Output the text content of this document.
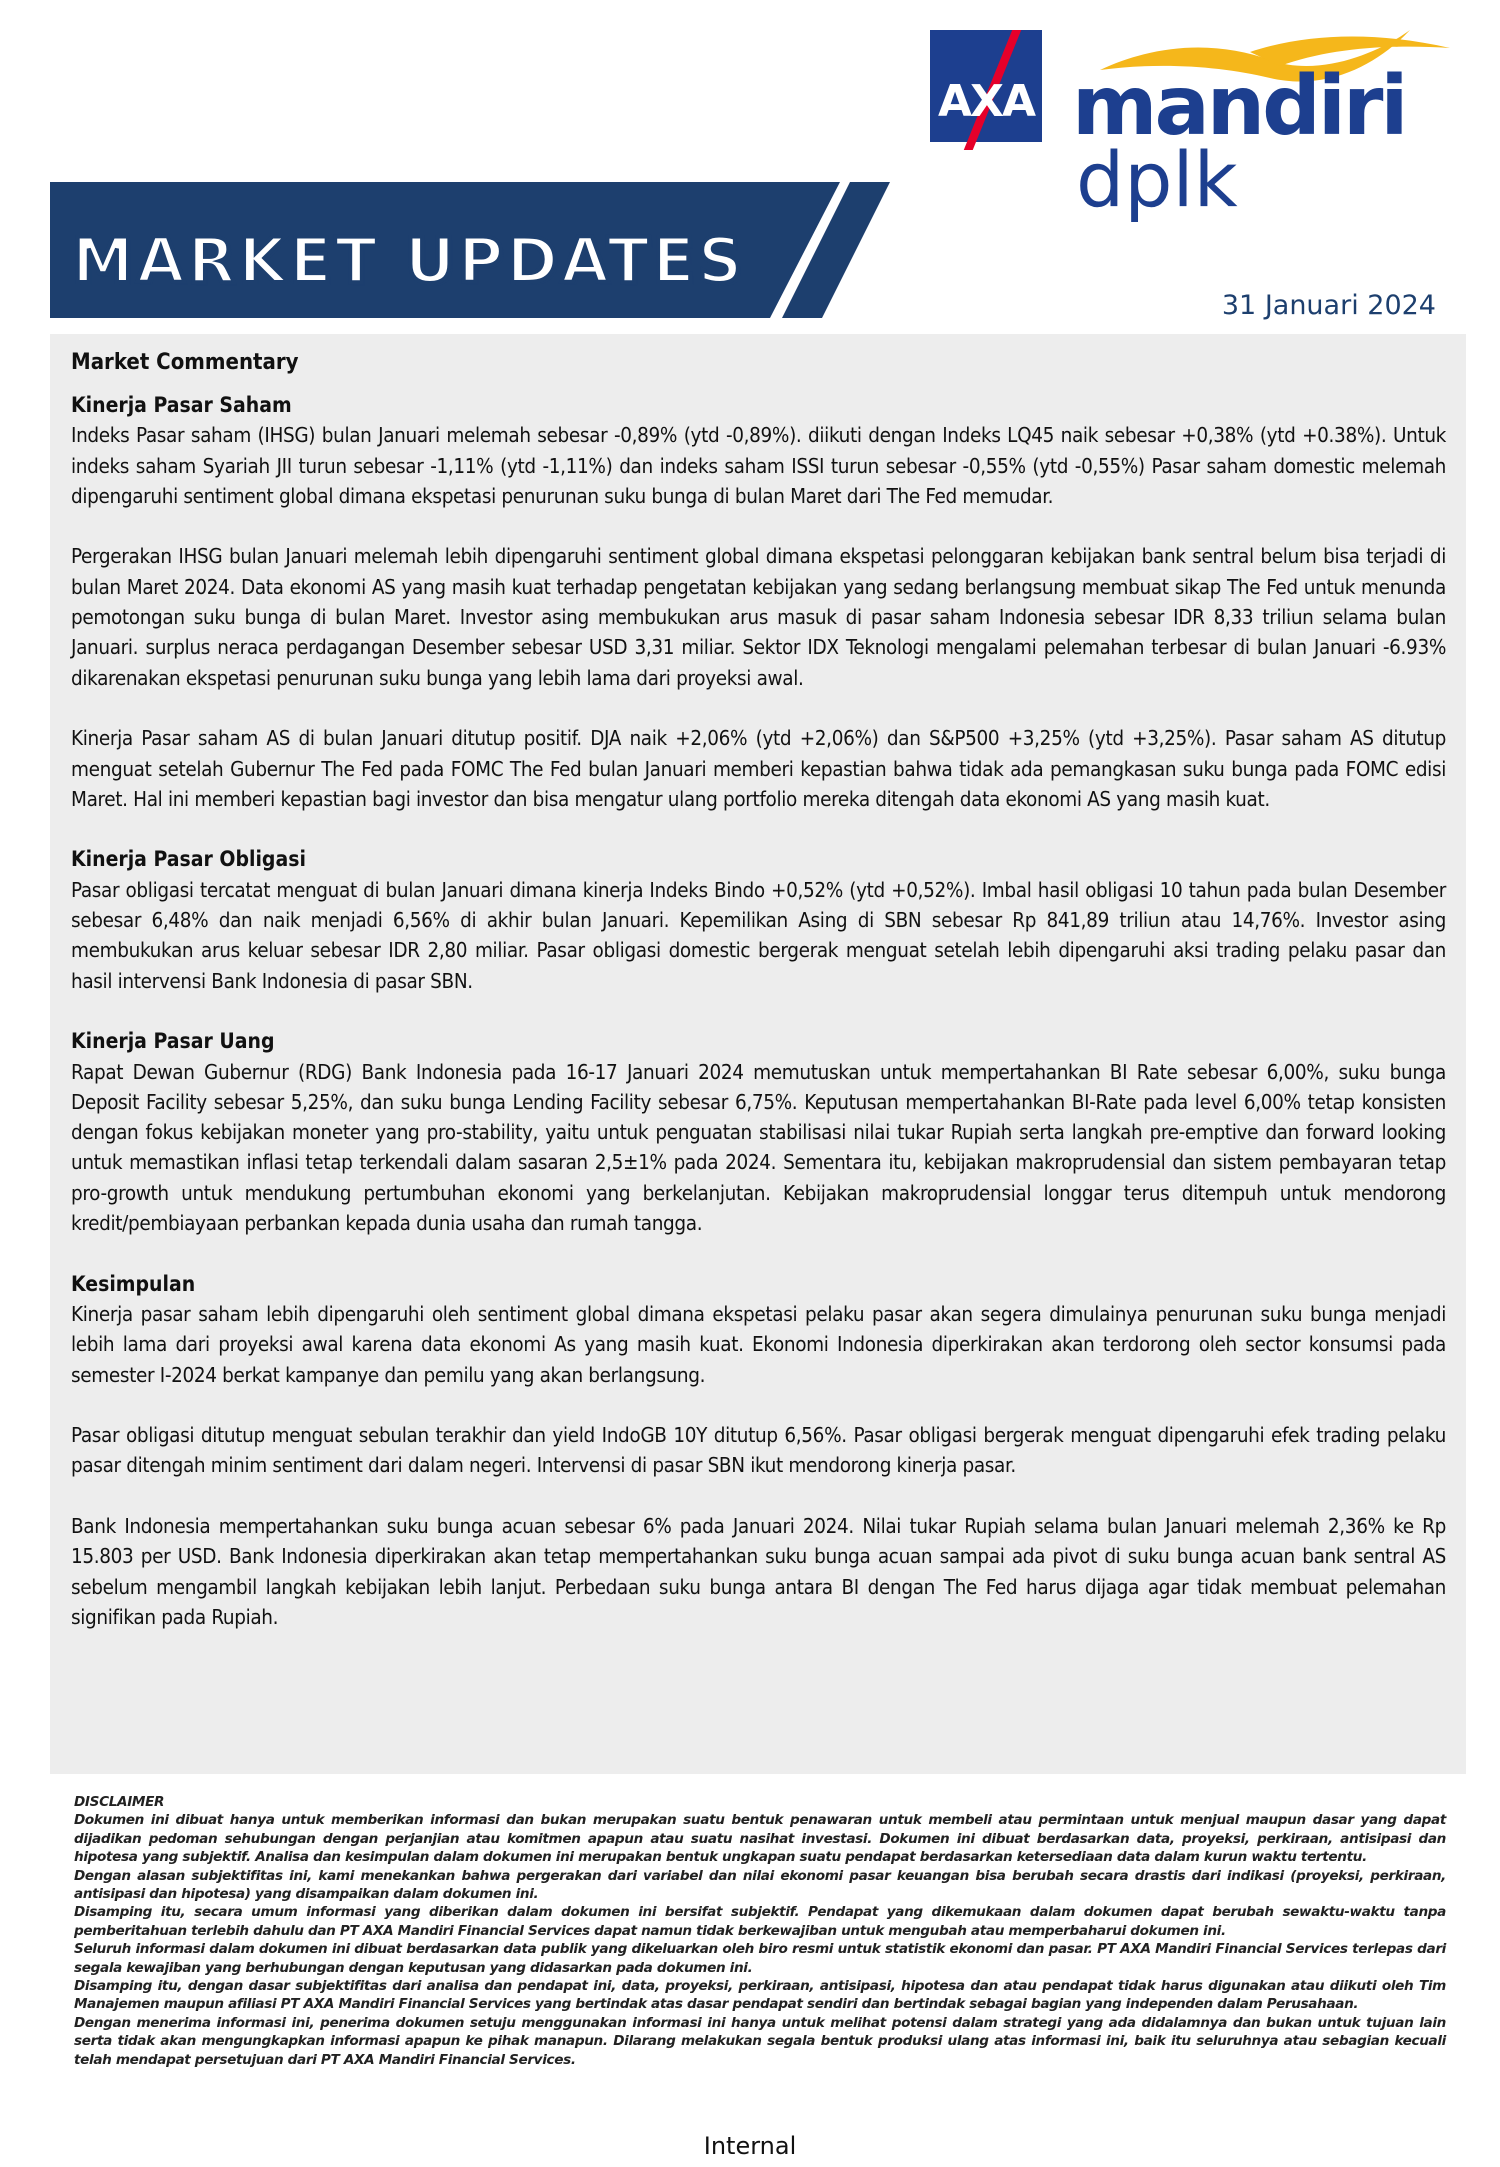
AXA mandiri
dplk
MARKET UPDATES
31 Januari 2024
Market Commentary
Kinerja Pasar Saham

Indeks Pasar saham (IHSG) bulan Januari melemah sebesar -0,89% (ytd -0,89%). diikuti dengan Indeks LQ45 naik sebesar +0,38% (ytd +0.38%). Untuk indeks saham Syariah JII turun sebesar -1,11% (ytd -1,11%) dan indeks saham ISSI turun sebesar -0,55% (ytd -0,55%) Pasar saham domestic melemah dipengaruhi sentiment global dimana ekspetasi penurunan suku bunga di bulan Maret dari The Fed memudar.

Pergerakan IHSG bulan Januari melemah lebih dipengaruhi sentiment global dimana ekspetasi pelonggaran kebijakan bank sentral belum bisa terjadi di bulan Maret 2024. Data ekonomi AS yang masih kuat terhadap pengetatan kebijakan yang sedang berlangsung membuat sikap The Fed untuk menunda pemotongan suku bunga di bulan Maret. Investor asing membukukan arus masuk di pasar saham Indonesia sebesar IDR 8,33 triliun selama bulan Januari. surplus neraca perdagangan Desember sebesar USD 3,31 miliar. Sektor IDX Teknologi mengalami pelemahan terbesar di bulan Januari -6.93% dikarenakan ekspetasi penurunan suku bunga yang lebih lama dari proyeksi awal.

Kinerja Pasar saham AS di bulan Januari ditutup positif. DJA naik +2,06% (ytd +2,06%) dan S&P500 +3,25% (ytd +3,25%). Pasar saham AS ditutup menguat setelah Gubernur The Fed pada FOMC The Fed bulan Januari memberi kepastian bahwa tidak ada pemangkasan suku bunga pada FOMC edisi Maret. Hal ini memberi kepastian bagi investor dan bisa mengatur ulang portfolio mereka ditengah data ekonomi AS yang masih kuat.

Kinerja Pasar Obligasi

Pasar obligasi tercatat menguat di bulan Januari dimana kinerja Indeks Bindo +0,52% (ytd +0,52%). Imbal hasil obligasi 10 tahun pada bulan Desember sebesar 6,48% dan naik menjadi 6,56% di akhir bulan Januari. Kepemilikan Asing di SBN sebesar Rp 841,89 triliun atau 14,76%. Investor asing membukukan arus keluar sebesar IDR 2,80 miliar. Pasar obligasi domestic bergerak menguat setelah lebih dipengaruhi aksi trading pelaku pasar dan hasil intervensi Bank Indonesia di pasar SBN.

Kinerja Pasar Uang

Rapat Dewan Gubernur (RDG) Bank Indonesia pada 16-17 Januari 2024 memutuskan untuk mempertahankan BI Rate sebesar 6,00%, suku bunga Deposit Facility sebesar 5,25%, dan suku bunga Lending Facility sebesar 6,75%. Keputusan mempertahankan BI-Rate pada level 6,00% tetap konsisten dengan fokus kebijakan moneter yang pro-stability, yaitu untuk penguatan stabilisasi nilai tukar Rupiah serta langkah pre-emptive dan forward looking untuk memastikan inflasi tetap terkendali dalam sasaran 2,5±1% pada 2024. Sementara itu, kebijakan makroprudensial dan sistem pembayaran tetap pro-growth untuk mendukung pertumbuhan ekonomi yang berkelanjutan. Kebijakan makroprudensial longgar terus ditempuh untuk mendorong kredit/pembiayaan perbankan kepada dunia usaha dan rumah tangga.

Kesimpulan

Kinerja pasar saham lebih dipengaruhi oleh sentiment global dimana ekspetasi pelaku pasar akan segera dimulainya penurunan suku bunga menjadi lebih lama dari proyeksi awal karena data ekonomi As yang masih kuat. Ekonomi Indonesia diperkirakan akan terdorong oleh sector konsumsi pada semester I-2024 berkat kampanye dan pemilu yang akan berlangsung.

Pasar obligasi ditutup menguat sebulan terakhir dan yield IndoGB 10Y ditutup 6,56%. Pasar obligasi bergerak menguat dipengaruhi efek trading pelaku pasar ditengah minim sentiment dari dalam negeri. Intervensi di pasar SBN ikut mendorong kinerja pasar.

Bank Indonesia mempertahankan suku bunga acuan sebesar 6% pada Januari 2024. Nilai tukar Rupiah selama bulan Januari melemah 2,36% ke Rp 15.803 per USD. Bank Indonesia diperkirakan akan tetap mempertahankan suku bunga acuan sampai ada pivot di suku bunga acuan bank sentral AS sebelum mengambil langkah kebijakan lebih lanjut. Perbedaan suku bunga antara BI dengan The Fed harus dijaga agar tidak membuat pelemahan signifikan pada Rupiah.

DISCLAIMER

Dokumen ini dibuat hanya untuk memberikan informasi dan bukan merupakan suatu bentuk penawaran untuk membeli atau permintaan untuk menjual maupun dasar yang dapat dijadikan pedoman sehubungan dengan perjanjian atau komitmen apapun atau suatu nasihat investasi. Dokumen ini dibuat berdasarkan data, proyeksi, perkiraan, antisipasi dan hipotesa yang subjektif. Analisa dan kesimpulan dalam dokumen ini merupakan bentuk ungkapan suatu pendapat berdasarkan ketersediaan data dalam kurun waktu tertentu.

Dengan alasan subjektifitas ini, kami menekankan bahwa pergerakan dari variabel dan nilai ekonomi pasar keuangan bisa berubah secara drastis dari indikasi (proyeksi, perkiraan, antisipasi dan hipotesa) yang disampaikan dalam dokumen ini.

Disamping itu, secara umum informasi yang diberikan dalam dokumen ini bersifat subjektif. Pendapat yang dikemukaan dalam dokumen dapat berubah sewaktu-waktu tanpa pemberitahuan terlebih dahulu dan PT AXA Mandiri Financial Services dapat namun tidak berkewajiban untuk mengubah atau memperbaharui dokumen ini.

Seluruh informasi dalam dokumen ini dibuat berdasarkan data publik yang dikeluarkan oleh biro resmi untuk statistik ekonomi dan pasar. PT AXA Mandiri Financial Services terlepas dari segala kewajiban yang berhubungan dengan keputusan yang didasarkan pada dokumen ini.

Disamping itu, dengan dasar subjektifitas dari analisa dan pendapat ini, data, proyeksi, perkiraan, antisipasi, hipotesa dan atau pendapat tidak harus digunakan atau diikuti oleh Tim Manajemen maupun afiliasi PT AXA Mandiri Financial Services yang bertindak atas dasar pendapat sendiri dan bertindak sebagai bagian yang independen dalam Perusahaan.

Dengan menerima informasi ini, penerima dokumen setuju menggunakan informasi ini hanya untuk melihat potensi dalam strategi yang ada didalamnya dan bukan untuk tujuan lain serta tidak akan mengungkapkan informasi apapun ke pihak manapun. Dilarang melakukan segala bentuk produksi ulang atas informasi ini, baik itu seluruhnya atau sebagian kecuali telah mendapat persetujuan dari PT AXA Mandiri Financial Services.

Internal
